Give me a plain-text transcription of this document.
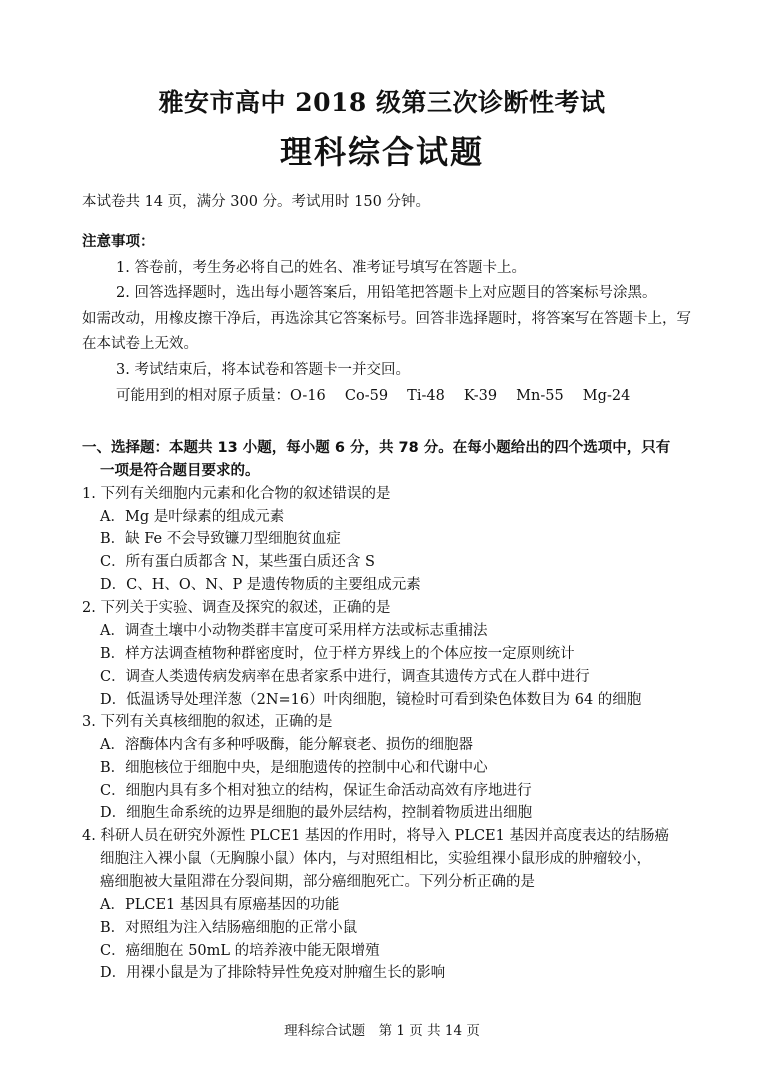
雅安市高中 2018 级第三次诊断性考试
理科综合试题
本试卷共 14 页，满分 300 分。考试用时 150 分钟。
注意事项：
1. 答卷前，考生务必将自己的姓名、准考证号填写在答题卡上。
2. 回答选择题时，选出每小题答案后，用铅笔把答题卡上对应题目的答案标号涂黑。
如需改动，用橡皮擦干净后，再选涂其它答案标号。回答非选择题时，将答案写在答题卡上，写
在本试卷上无效。
3. 考试结束后，将本试卷和答题卡一并交回。
可能用到的相对原子质量：O-16　 Co-59　 Ti-48　 K-39　 Mn-55　 Mg-24
一、选择题：本题共 13 小题，每小题 6 分，共 78 分。在每小题给出的四个选项中，只有
一项是符合题目要求的。
1. 下列有关细胞内元素和化合物的叙述错误的是
A．Mg 是叶绿素的组成元素
B．缺 Fe 不会导致镰刀型细胞贫血症
C．所有蛋白质都含 N，某些蛋白质还含 S
D．C、H、O、N、P 是遗传物质的主要组成元素
2. 下列关于实验、调查及探究的叙述，正确的是
A．调查土壤中小动物类群丰富度可采用样方法或标志重捕法
B．样方法调查植物种群密度时，位于样方界线上的个体应按一定原则统计
C．调查人类遗传病发病率在患者家系中进行，调查其遗传方式在人群中进行
D．低温诱导处理洋葱（2N=16）叶肉细胞，镜检时可看到染色体数目为 64 的细胞
3. 下列有关真核细胞的叙述，正确的是
A．溶酶体内含有多种呼吸酶，能分解衰老、损伤的细胞器
B．细胞核位于细胞中央，是细胞遗传的控制中心和代谢中心
C．细胞内具有多个相对独立的结构，保证生命活动高效有序地进行
D．细胞生命系统的边界是细胞的最外层结构，控制着物质进出细胞
4. 科研人员在研究外源性 PLCE1 基因的作用时，将导入 PLCE1 基因并高度表达的结肠癌
细胞注入裸小鼠（无胸腺小鼠）体内，与对照组相比，实验组裸小鼠形成的肿瘤较小，
癌细胞被大量阻滞在分裂间期，部分癌细胞死亡。下列分析正确的是
A．PLCE1 基因具有原癌基因的功能
B．对照组为注入结肠癌细胞的正常小鼠
C．癌细胞在 50mL 的培养液中能无限增殖
D．用裸小鼠是为了排除特异性免疫对肿瘤生长的影响
理科综合试题　第 1 页 共 14 页
